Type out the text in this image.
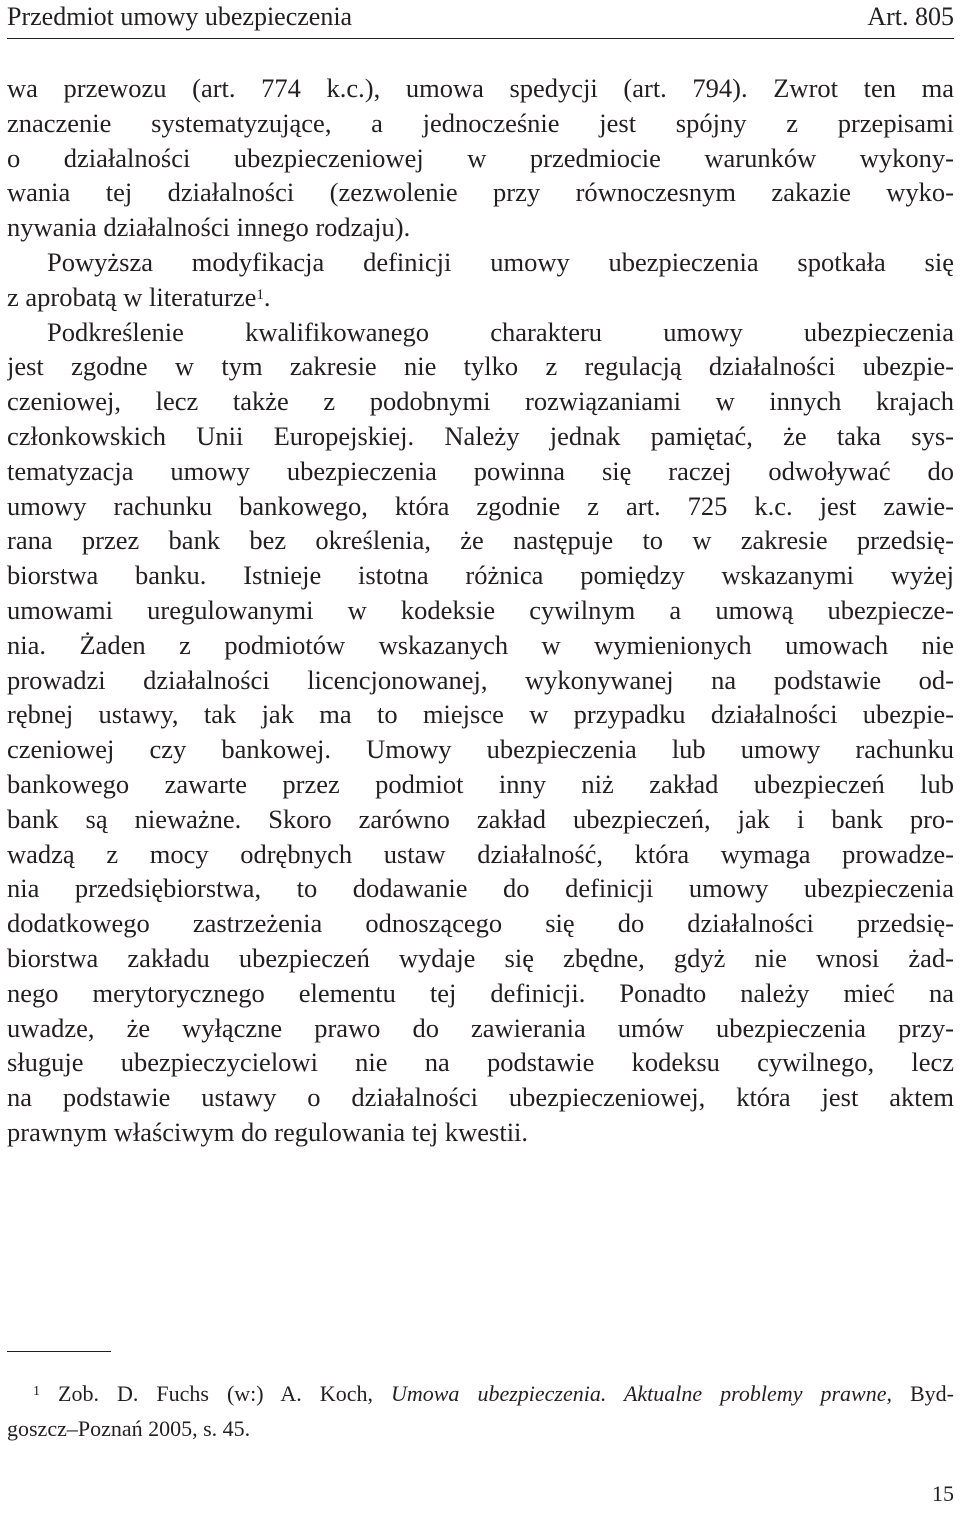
Przedmiot umowy ubezpieczenia	Art. 805
wa przewozu (art. 774 k.c.), umowa spedycji (art. 794). Zwrot ten ma
znaczenie systematyzujące, a jednocześnie jest spójny z przepisami
o działalności ubezpieczeniowej w przedmiocie warunków wykony-
wania tej działalności (zezwolenie przy równoczesnym zakazie wyko-
nywania działalności innego rodzaju).
Powyższa modyfikacja definicji umowy ubezpieczenia spotkała się
z aprobatą w literaturze$^1$.
Podkreślenie kwalifikowanego charakteru umowy ubezpieczenia
jest zgodne w tym zakresie nie tylko z regulacją działalności ubezpie-
czeniowej, lecz także z podobnymi rozwiązaniami w innych krajach
członkowskich Unii Europejskiej. Należy jednak pamiętać, że taka sys-
tematyzacja umowy ubezpieczenia powinna się raczej odwoływać do
umowy rachunku bankowego, która zgodnie z art. 725 k.c. jest zawie-
rana przez bank bez określenia, że następuje to w zakresie przedsię-
biorstwa banku. Istnieje istotna różnica pomiędzy wskazanymi wyżej
umowami uregulowanymi w kodeksie cywilnym a umową ubezpiecze-
nia. Żaden z podmiotów wskazanych w wymienionych umowach nie
prowadzi działalności licencjonowanej, wykonywanej na podstawie od-
rębnej ustawy, tak jak ma to miejsce w przypadku działalności ubezpie-
czeniowej czy bankowej. Umowy ubezpieczenia lub umowy rachunku
bankowego zawarte przez podmiot inny niż zakład ubezpieczeń lub
bank są nieważne. Skoro zarówno zakład ubezpieczeń, jak i bank pro-
wadzą z mocy odrębnych ustaw działalność, która wymaga prowadze-
nia przedsiębiorstwa, to dodawanie do definicji umowy ubezpieczenia
dodatkowego zastrzeżenia odnoszącego się do działalności przedsię-
biorstwa zakładu ubezpieczeń wydaje się zbędne, gdyż nie wnosi żad-
nego merytorycznego elementu tej definicji. Ponadto należy mieć na
uwadze, że wyłączne prawo do zawierania umów ubezpieczenia przy-
sługuje ubezpieczycielowi nie na podstawie kodeksu cywilnego, lecz
na podstawie ustawy o działalności ubezpieczeniowej, która jest aktem
prawnym właściwym do regulowania tej kwestii.
$^1$ Zob. D. Fuchs (w:) A. Koch, Umowa ubezpieczenia. Aktualne problemy prawne, Byd-
goszcz–Poznań 2005, s. 45.
15
